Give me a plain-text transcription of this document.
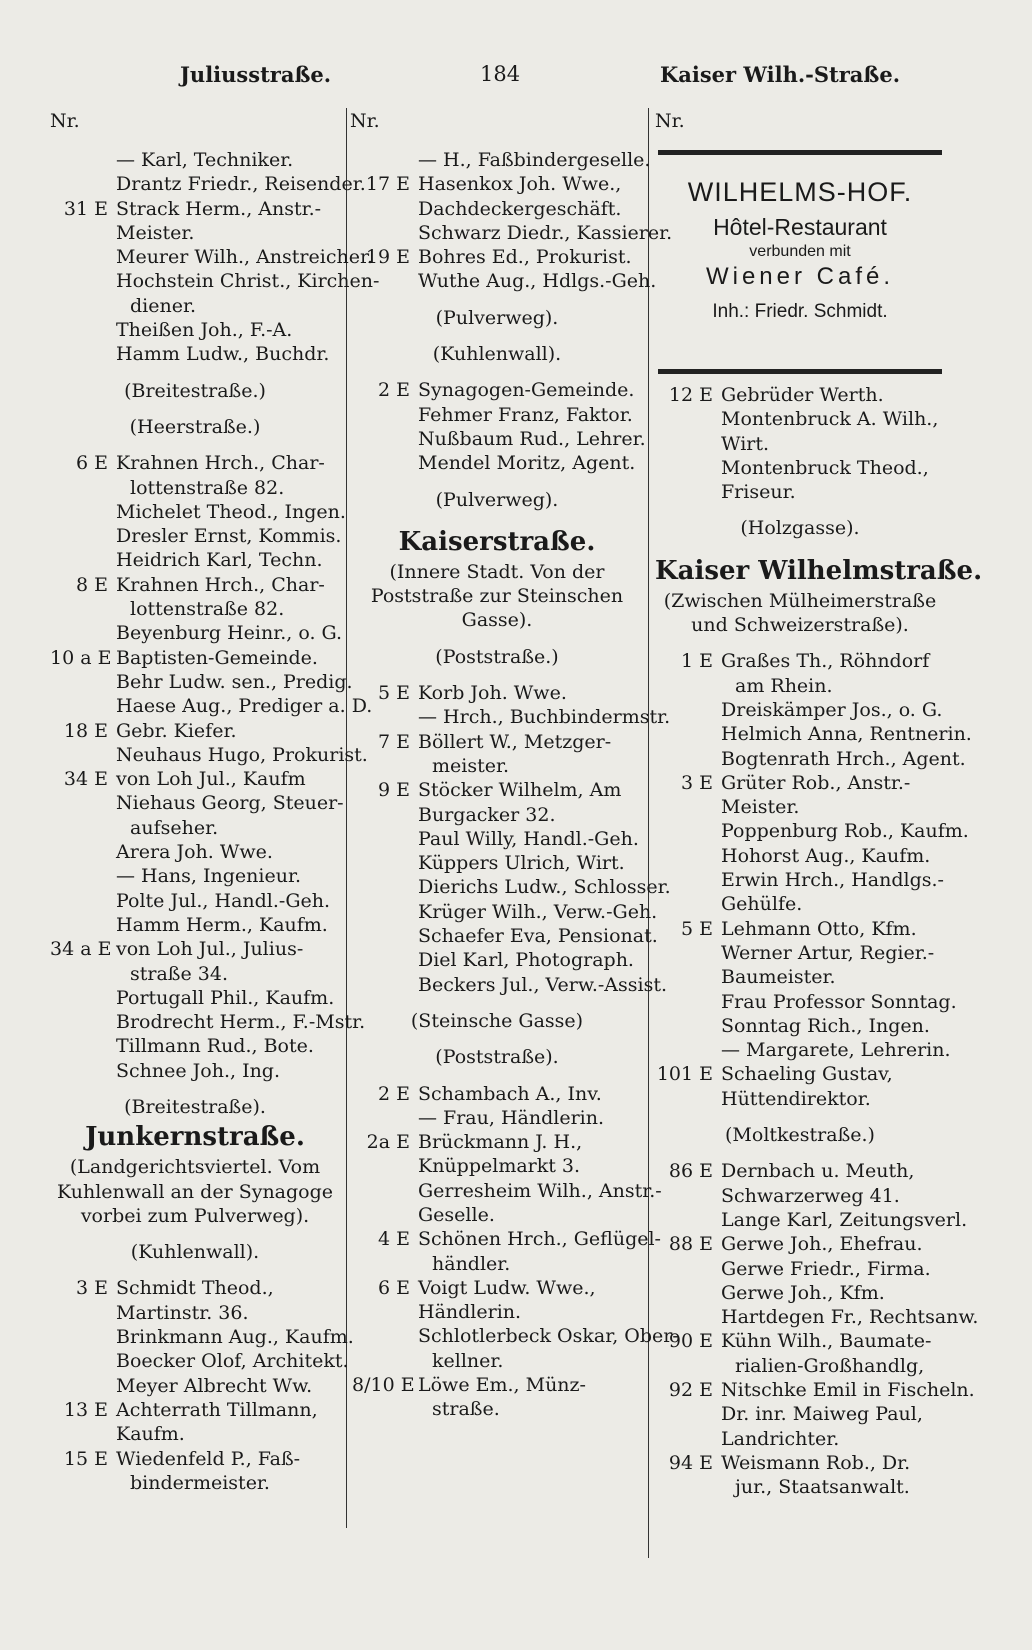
Juliusstraße.	184	Kaiser Wilh.-Straße.
Nr.	Nr.	Nr.
— Karl, Techniker.
Drantz Friedr., Reisender.
31 E Strack Herm., Anstr.-
Meister.
Meurer Wilh., Anstreicher.
Hochstein Christ., Kirchen-
diener.
Theißen Joh., F.-A.
Hamm Ludw., Buchdr.
(Breitestraße.)
(Heerstraße.)
6 E Krahnen Hrch., Char-
lottenstraße 82.
Michelet Theod., Ingen.
Dresler Ernst, Kommis.
Heidrich Karl, Techn.
8 E Krahnen Hrch., Char-
lottenstraße 82.
Beyenburg Heinr., o. G.
10 a E Baptisten-Gemeinde.
Behr Ludw. sen., Predig.
Haese Aug., Prediger a. D.
18 E Gebr. Kiefer.
Neuhaus Hugo, Prokurist.
34 E von Loh Jul., Kaufm
Niehaus Georg, Steuer-
aufseher.
Arera Joh. Wwe.
— Hans, Ingenieur.
Polte Jul., Handl.-Geh.
Hamm Herm., Kaufm.
34 a E von Loh Jul., Julius-
straße 34.
Portugall Phil., Kaufm.
Brodrecht Herm., F.-Mstr.
Tillmann Rud., Bote.
Schnee Joh., Ing.
(Breitestraße).
Junkernstraße.
(Landgerichtsviertel. Vom
Kuhlenwall an der Synagoge
vorbei zum Pulverweg).
(Kuhlenwall).
3 E Schmidt Theod.,
Martinstr. 36.
Brinkmann Aug., Kaufm.
Boecker Olof, Architekt.
Meyer Albrecht Ww.
13 E Achterrath Tillmann,
Kaufm.
15 E Wiedenfeld P., Faß-
bindermeister.
— H., Faßbindergeselle.
17 E Hasenkox Joh. Wwe.,
Dachdeckergeschäft.
Schwarz Diedr., Kassierer.
19 E Bohres Ed., Prokurist.
Wuthe Aug., Hdlgs.-Geh.
(Pulverweg).
(Kuhlenwall).
2 E Synagogen-Gemeinde.
Fehmer Franz, Faktor.
Nußbaum Rud., Lehrer.
Mendel Moritz, Agent.
(Pulverweg).
Kaiserstraße.
(Innere Stadt. Von der
Poststraße zur Steinschen
Gasse).
(Poststraße.)
5 E Korb Joh. Wwe.
— Hrch., Buchbindermstr.
7 E Böllert W., Metzger-
meister.
9 E Stöcker Wilhelm, Am
Burgacker 32.
Paul Willy, Handl.-Geh.
Küppers Ulrich, Wirt.
Dierichs Ludw., Schlosser.
Krüger Wilh., Verw.-Geh.
Schaefer Eva, Pensionat.
Diel Karl, Photograph.
Beckers Jul., Verw.-Assist.
(Steinsche Gasse)
(Poststraße).
2 E Schambach A., Inv.
— Frau, Händlerin.
2a E Brückmann J. H.,
Knüppelmarkt 3.
Gerresheim Wilh., Anstr.-
Geselle.
4 E Schönen Hrch., Geflügel-
händler.
6 E Voigt Ludw. Wwe.,
Händlerin.
Schlotlerbeck Oskar, Ober-
kellner.
8/10 E Löwe Em., Münz-
straße.
WILHELMS-HOF.
Hôtel-Restaurant
verbunden mit
Wiener Café.
Inh.: Friedr. Schmidt.
12 E Gebrüder Werth.
Montenbruck A. Wilh.,
Wirt.
Montenbruck Theod.,
Friseur.
(Holzgasse).
Kaiser Wilhelmstraße.
(Zwischen Mülheimerstraße
und Schweizerstraße).
1 E Graßes Th., Röhndorf
am Rhein.
Dreiskämper Jos., o. G.
Helmich Anna, Rentnerin.
Bogtenrath Hrch., Agent.
3 E Grüter Rob., Anstr.-
Meister.
Poppenburg Rob., Kaufm.
Hohorst Aug., Kaufm.
Erwin Hrch., Handlgs.-
Gehülfe.
5 E Lehmann Otto, Kfm.
Werner Artur, Regier.-
Baumeister.
Frau Professor Sonntag.
Sonntag Rich., Ingen.
— Margarete, Lehrerin.
101 E Schaeling Gustav,
Hüttendirektor.
(Moltkestraße.)
86 E Dernbach u. Meuth,
Schwarzerweg 41.
Lange Karl, Zeitungsverl.
88 E Gerwe Joh., Ehefrau.
Gerwe Friedr., Firma.
Gerwe Joh., Kfm.
Hartdegen Fr., Rechtsanw.
90 E Kühn Wilh., Baumate-
rialien-Großhandlg,
92 E Nitschke Emil in Fischeln.
Dr. inr. Maiweg Paul,
Landrichter.
94 E Weismann Rob., Dr.
jur., Staatsanwalt.
